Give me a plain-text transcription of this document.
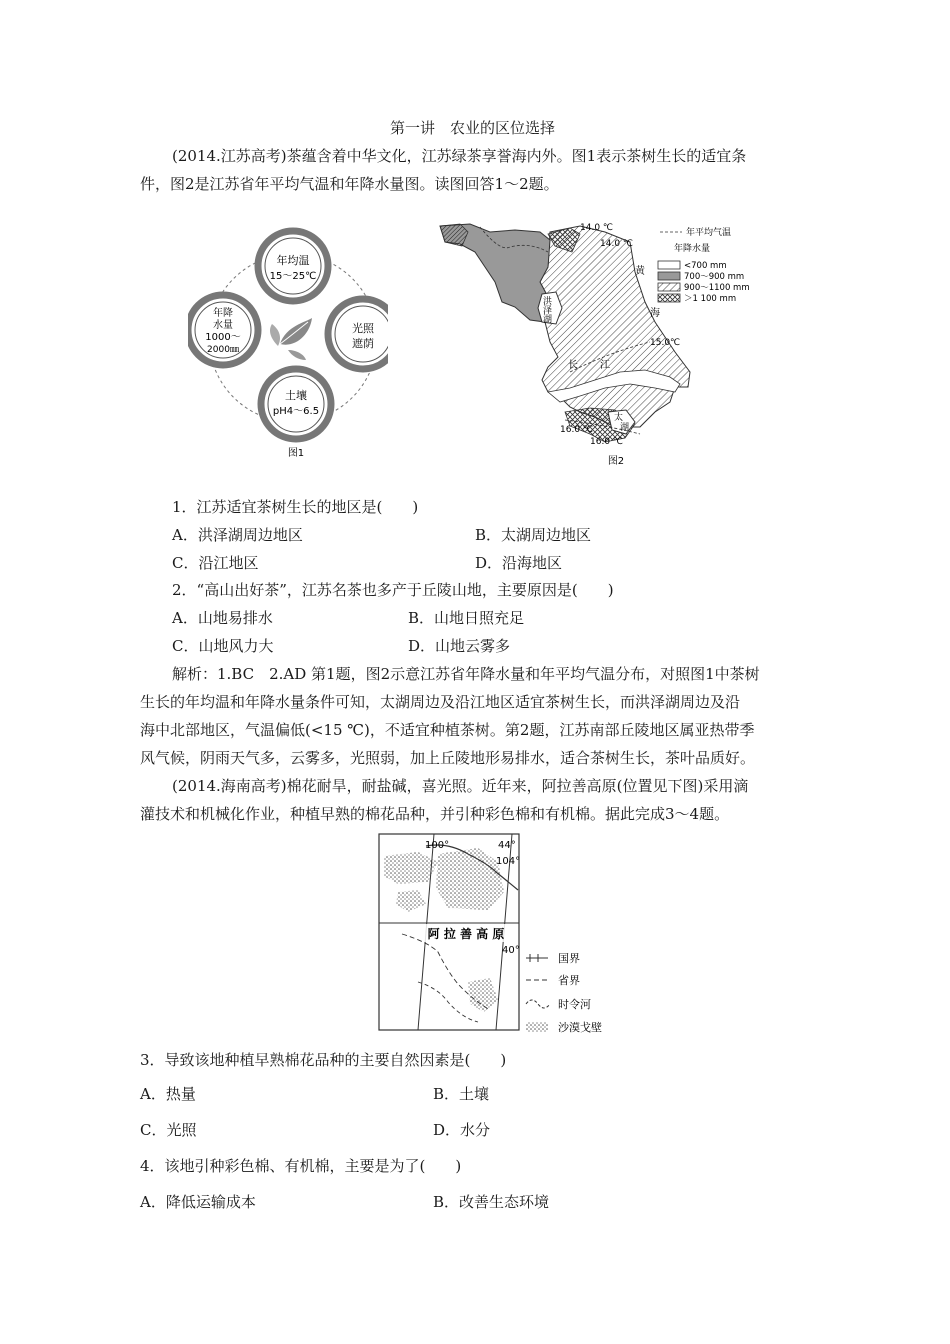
第一讲　农业的区位选择
(2014.江苏高考)茶蕴含着中华文化，江苏绿茶享誉海内外。图1表示茶树生长的适宜条
件，图2是江苏省年平均气温和年降水量图。读图回答1～2题。
年均温
15～25℃
年降
水量
1000～
2000㎜
光照
遮荫
土壤
pH4～6.5
图1
14.0 ℃
14.0 ℃
15.0℃
16.0 ℃
16.0 ℃
黄
海
洪
泽
湖
长 江
太
湖
年平均气温
年降水量
<700 mm
700～900 mm
900～1100 mm
＞1 100 mm
图2
1．江苏适宜茶树生长的地区是(　　)
A．洪泽湖周边地区	B．太湖周边地区
C．沿江地区	D．沿海地区
2．“高山出好茶”，江苏名茶也多产于丘陵山地，主要原因是(　　)
A．山地易排水	B．山地日照充足
C．山地风力大	D．山地云雾多
解析：1.BC　2.AD 第1题，图2示意江苏省年降水量和年平均气温分布，对照图1中茶树
生长的年均温和年降水量条件可知，太湖周边及沿江地区适宜茶树生长，而洪泽湖周边及沿
海中北部地区，气温偏低(<15 ℃)，不适宜种植茶树。第2题，江苏南部丘陵地区属亚热带季
风气候，阴雨天气多，云雾多，光照弱，加上丘陵地形易排水，适合茶树生长，茶叶品质好。
(2014.海南高考)棉花耐旱，耐盐碱，喜光照。近年来，阿拉善高原(位置见下图)采用滴
灌技术和机械化作业，种植早熟的棉花品种，并引种彩色棉和有机棉。据此完成3～4题。
阿 拉 善 高 原
100°	44°
104°
40°
国界
省界
时令河
沙漠戈壁
3．导致该地种植早熟棉花品种的主要自然因素是(　　)
A．热量	B．土壤
C．光照	D．水分
4．该地引种彩色棉、有机棉，主要是为了(　　)
A．降低运输成本	B．改善生态环境
